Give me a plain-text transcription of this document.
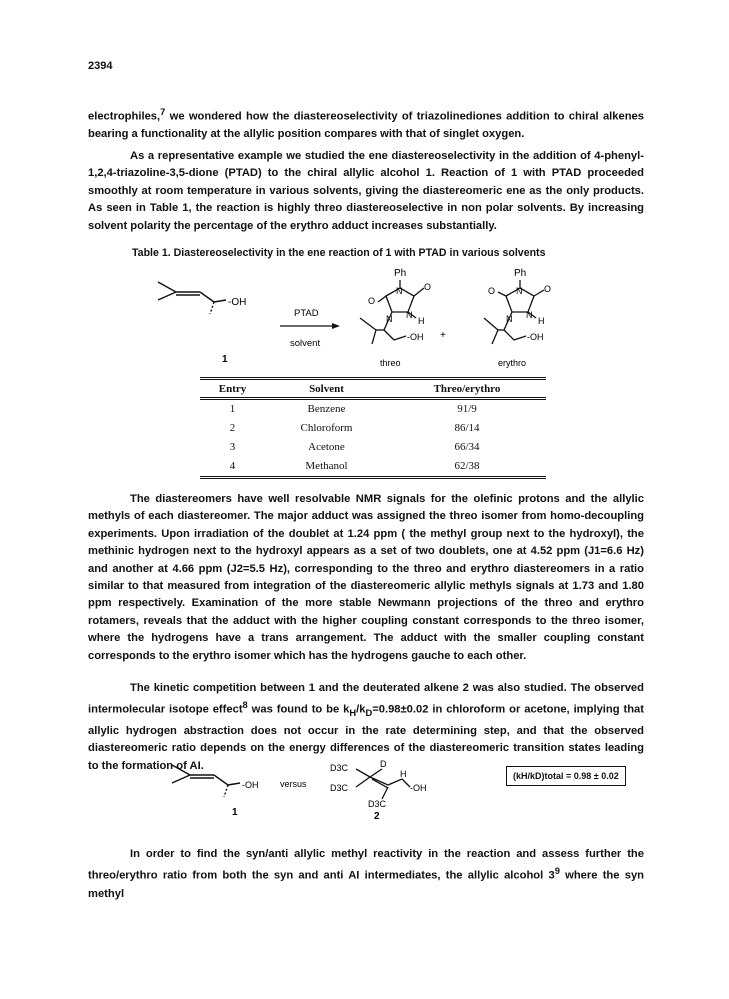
2394

electrophiles,$^7$ we wondered how the diastereoselectivity of triazolinediones addition to chiral alkenes bearing a functionality at the allylic position compares with that of singlet oxygen.

As a representative example we studied the ene diastereoselectivity in the addition of 4-phenyl-1,2,4-triazoline-3,5-dione (PTAD) to the chiral allylic alcohol 1. Reaction of 1 with PTAD proceeded smoothly at room temperature in various solvents, giving the diastereomeric ene as the only products. As seen in Table 1, the reaction is highly threo diastereoselective in non polar solvents. By increasing solvent polarity the percentage of the erythro adduct increases substantially.

Table 1. Diastereoselectivity in the ene reaction of 1 with PTAD in various solvents
-OH
1
PTAD
solvent
Ph
N O
O
N N
H
-OH
threo
+
Ph
N O
O
N N
H
-OH
erythro
Entry	Solvent	Threo/erythro
1	Benzene	91/9
2	Chloroform	86/14
3	Acetone	66/34
4	Methanol	62/38

The diastereomers have well resolvable NMR signals for the olefinic protons and the allylic methyls of each diastereomer. The major adduct was assigned the threo isomer from homo-decoupling experiments. Upon irradiation of the doublet at 1.24 ppm ( the methyl group next to the hydroxyl), the methinic hydrogen next to the hydroxyl appears as a set of two doublets, one at 4.52 ppm (J1=6.6 Hz) and another at 4.66 ppm (J2=5.5 Hz), corresponding to the threo and erythro diastereomers in a ratio similar to that measured from integration of the diastereomeric allylic methyls signals at 1.73 and 1.80 ppm respectively. Examination of the more stable Newmann projections of the threo and erythro rotamers, reveals that the adduct with the higher coupling constant corresponds to the threo isomer, where the hydrogens have a trans arrangement. The adduct with the smaller coupling constant corresponds to the erythro isomer which has the hydrogens gauche to each other.

The kinetic competition between 1 and the deuterated alkene 2 was also studied. The observed intermolecular isotope effect$^8$ was found to be $k_H/k_D=0.98\pm 0.02$ in chloroform or acetone, implying that allylic hydrogen abstraction does not occur in the rate determining step, and that the observed diastereomeric ratio depends on the energy differences of the diastereomeric transition states leading to the formation of AI.

-OH
1
versus
D3C	D
H
D3C	-OH
D3C
2
(kH/kD)total = 0.98 ± 0.02

In order to find the syn/anti allylic methyl reactivity in the reaction and assess further the threo/erythro ratio from both the syn and anti AI intermediates, the allylic alcohol $3^9$ where the syn methyl
